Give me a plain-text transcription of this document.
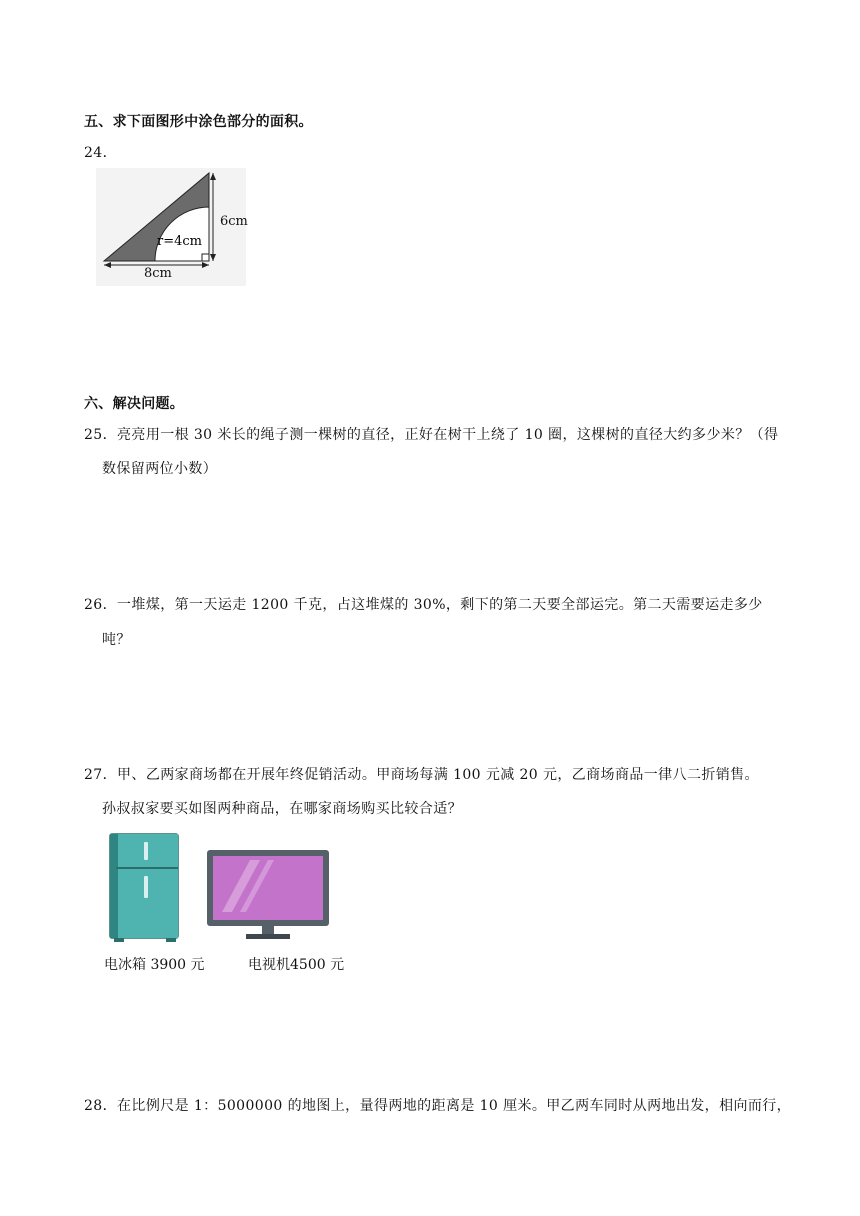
五、求下面图形中涂色部分的面积。
24．
6cm
r=4cm
8cm
六、解决问题。
25．亮亮用一根 30 米长的绳子测一棵树的直径，正好在树干上绕了 10 圈，这棵树的直径大约多少米？（得
数保留两位小数）
26．一堆煤，第一天运走 1200 千克，占这堆煤的 30%，剩下的第二天要全部运完。第二天需要运走多少
吨？
27．甲、乙两家商场都在开展年终促销活动。甲商场每满 100 元减 20 元，乙商场商品一律八二折销售。
孙叔叔家要买如图两种商品，在哪家商场购买比较合适？
电冰箱 3900 元	电视机4500 元
28．在比例尺是 1：5000000 的地图上，量得两地的距离是 10 厘米。甲乙两车同时从两地出发，相向而行，
